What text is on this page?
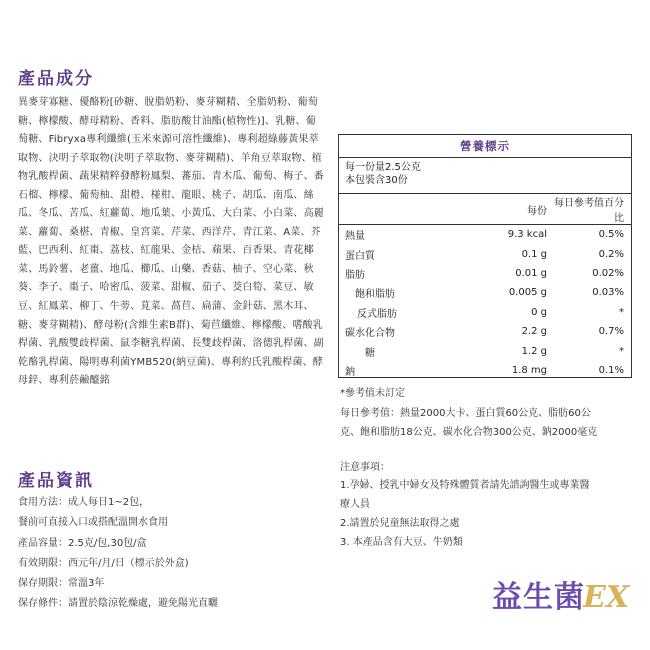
產品成分

異麥芽寡糖、優酪粉[砂糖、脫脂奶粉、麥芽糊精、全脂奶粉、葡萄糖、檸檬酸、酵母精粉、香料、脂肪酸甘油酯(植物性)]、乳糖、葡萄糖、Fibryxa專利纖維(玉米來源可溶性纖維)、專利超綠藤黃果萃取物、決明子萃取物(決明子萃取物、麥芽糊精)、羊角豆萃取物、植物乳酸桿菌、蔬果精粹發酵粉鳳梨、蕃茄、青木瓜、葡萄、梅子、番石榴、檸檬、葡萄柚、甜橙、椪柑、龍眼、桃子、胡瓜、南瓜、絲瓜、冬瓜、苦瓜、紅蘿蔔、地瓜葉、小黃瓜、大白菜、小白菜、高麗菜、蘿蔔、桑椹、青椒、皇宮菜、芹菜、西洋芹、青江菜、A菜、芥藍、巴西利、紅棗、荔枝、紅龍果、金桔、蘋果、百香果、青花椰菜、馬鈴薯、老薑、地瓜、櫛瓜、山藥、香菇、柚子、空心菜、秋葵、李子、棗子、哈密瓜、菠菜、甜椒、茄子、茭白筍、菜豆、敏豆、紅鳳菜、柳丁、牛蒡、莧菜、萵苣、扁蒲、金針菇、黑木耳、糖、麥芽糊精)、酵母粉(含維生素B群)、菊苣纖維、檸檬酸、嗜酸乳桿菌、乳酸雙歧桿菌、鼠李糖乳桿菌、長雙歧桿菌、洛德乳桿菌、副乾酪乳桿菌、陽明專利菌YMB520(納豆菌)、專利約氏乳酸桿菌、酵母鋅、專利菸鹼醯銘

產品資訊
食用方法：成人每日1~2包，
餐前可直接入口或搭配溫開水食用
產品容量：2.5克/包,30包/盒
有效期限：西元年/月/日（標示於外盒)
保存期限：常溫3年
保存條件：請置於陰涼乾燥處，避免陽光直曬
營養標示
每一份量2.5公克
本包裝含30份
	每份	每日參考值百分比
熱量	9.3 kcal	0.5%
蛋白質	0.1 g	0.2%
脂肪	0.01 g	0.02%
飽和脂肪	0.005 g	0.03%
反式脂肪	0 g	*
碳水化合物	2.2 g	0.7%
糖	1.2 g	*
鈉	1.8 mg	0.1%
*參考值未訂定
每日參考值：熱量2000大卡、蛋白質60公克、脂肪60公
克、飽和脂肪18公克、碳水化合物300公克、鈉2000毫克
注意事項：
1.孕婦、授乳中婦女及特殊體質者請先諮詢醫生或專業醫
療人員
2.請置於兒童無法取得之處
3. 本產品含有大豆、牛奶類
益生菌EX
